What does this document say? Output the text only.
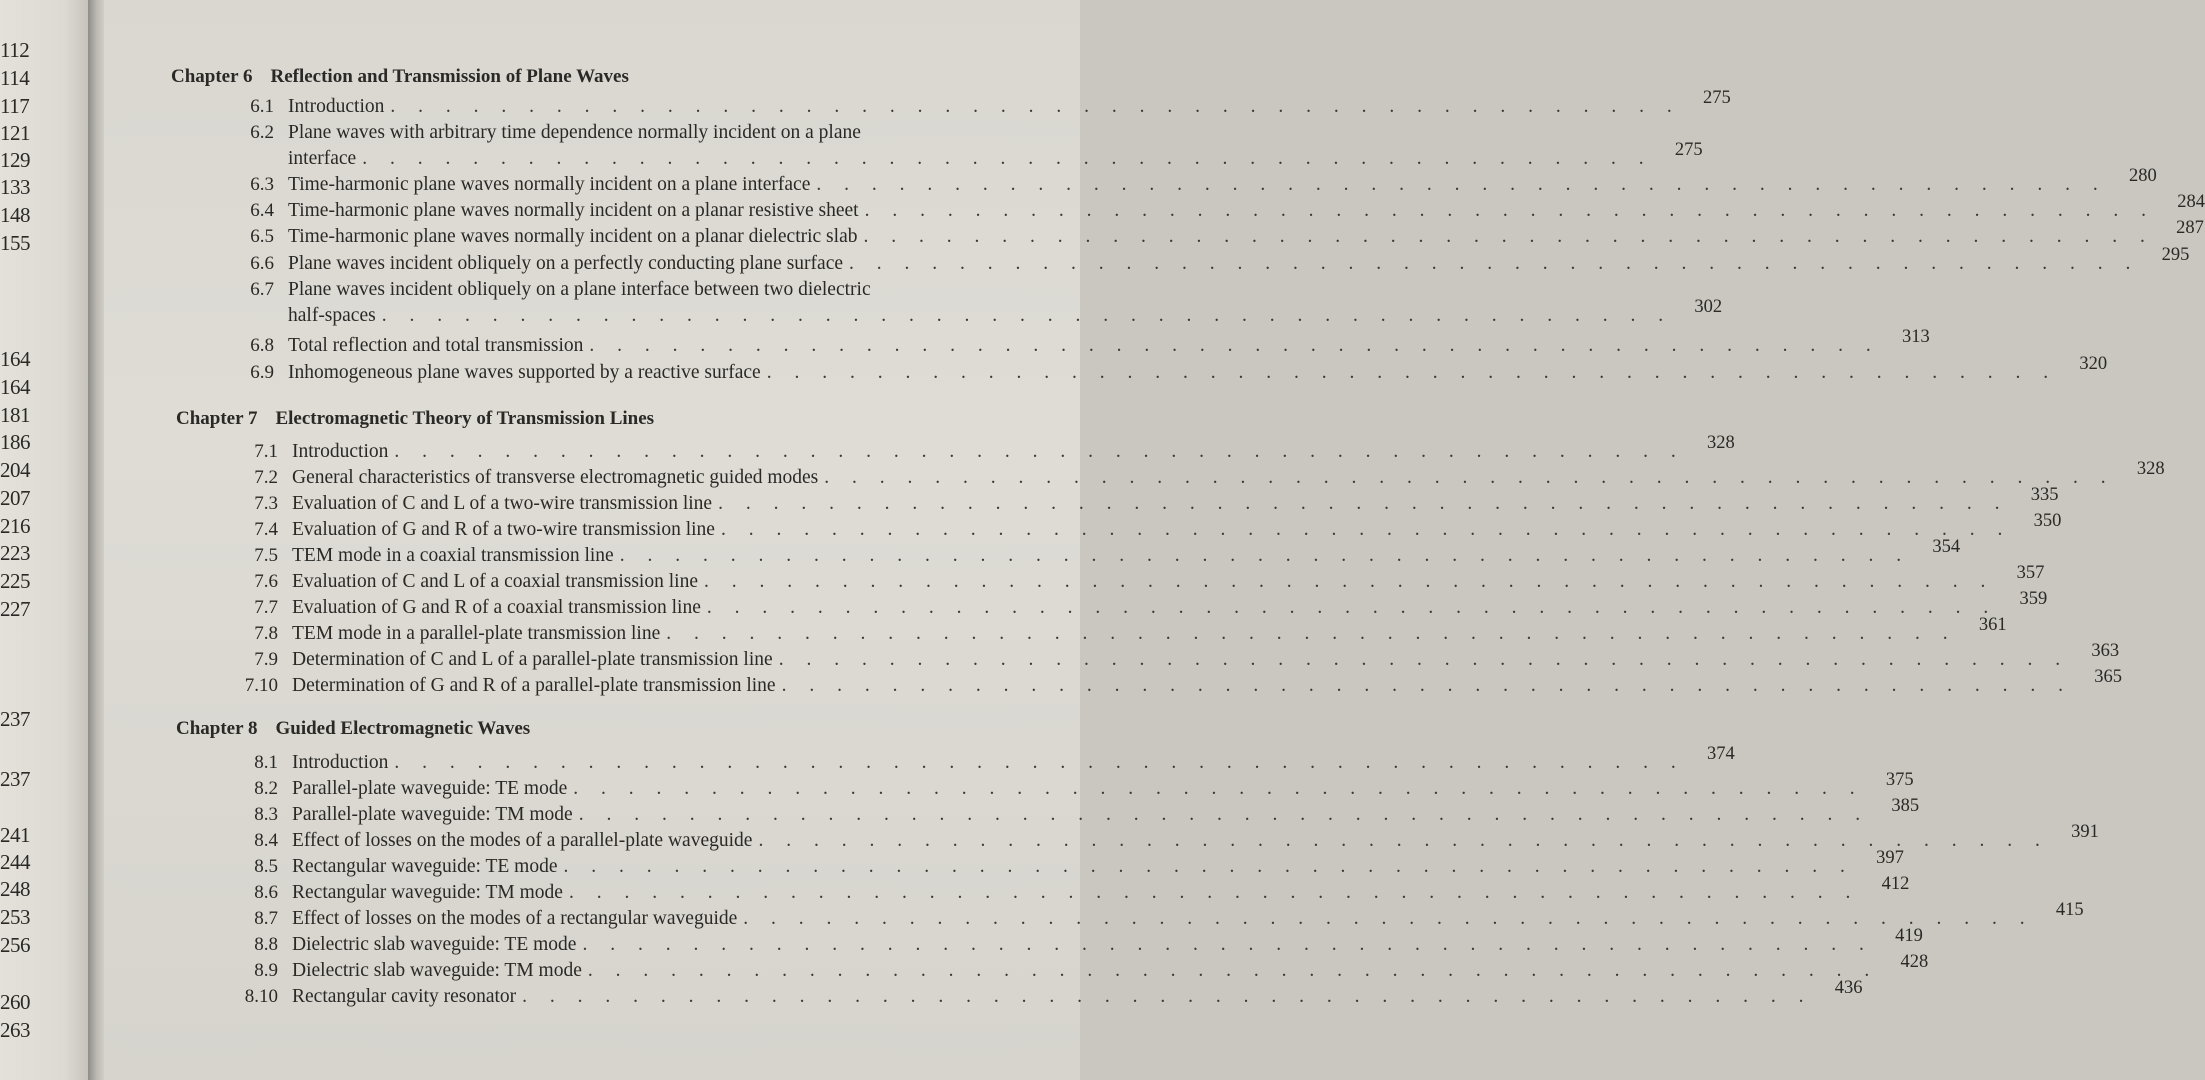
112
114
117
121
129
133
148
155
164
164
181
186
204
207
216
223
225
227
237
237
241
244
248
253
256
260
263
Chapter 6 Reflection and Transmission of Plane Waves
6.1 Introduction . . .	275
6.2 Plane waves with arbitrary time dependence normally incident on a plane
interface . . .	275
6.3 Time-harmonic plane waves normally incident on a plane interface . . .	280
6.4 Time-harmonic plane waves normally incident on a planar resistive sheet . . .	284
6.5 Time-harmonic plane waves normally incident on a planar dielectric slab . . .	287
6.6 Plane waves incident obliquely on a perfectly conducting plane surface . . .	295
6.7 Plane waves incident obliquely on a plane interface between two dielectric
half-spaces . . .	302
6.8 Total reflection and total transmission . . .	313
6.9 Inhomogeneous plane waves supported by a reactive surface . . .	320
Chapter 7 Electromagnetic Theory of Transmission Lines
7.1 Introduction . . .	328
7.2 General characteristics of transverse electromagnetic guided modes . . .	328
7.3 Evaluation of C and L of a two-wire transmission line . . .	335
7.4 Evaluation of G and R of a two-wire transmission line . . .	350
7.5 TEM mode in a coaxial transmission line . . .	354
7.6 Evaluation of C and L of a coaxial transmission line . . .	357
7.7 Evaluation of G and R of a coaxial transmission line . . .	359
7.8 TEM mode in a parallel-plate transmission line . . .	361
7.9 Determination of C and L of a parallel-plate transmission line . . .	363
7.10 Determination of G and R of a parallel-plate transmission line . . .	365
Chapter 8 Guided Electromagnetic Waves
8.1 Introduction . . .	374
8.2 Parallel-plate waveguide: TE mode . . .	375
8.3 Parallel-plate waveguide: TM mode . . .	385
8.4 Effect of losses on the modes of a parallel-plate waveguide . . .	391
8.5 Rectangular waveguide: TE mode . . .	397
8.6 Rectangular waveguide: TM mode . . .	412
8.7 Effect of losses on the modes of a rectangular waveguide . . .	415
8.8 Dielectric slab waveguide: TE mode . . .	419
8.9 Dielectric slab waveguide: TM mode . . .	428
8.10 Rectangular cavity resonator . . .	436
